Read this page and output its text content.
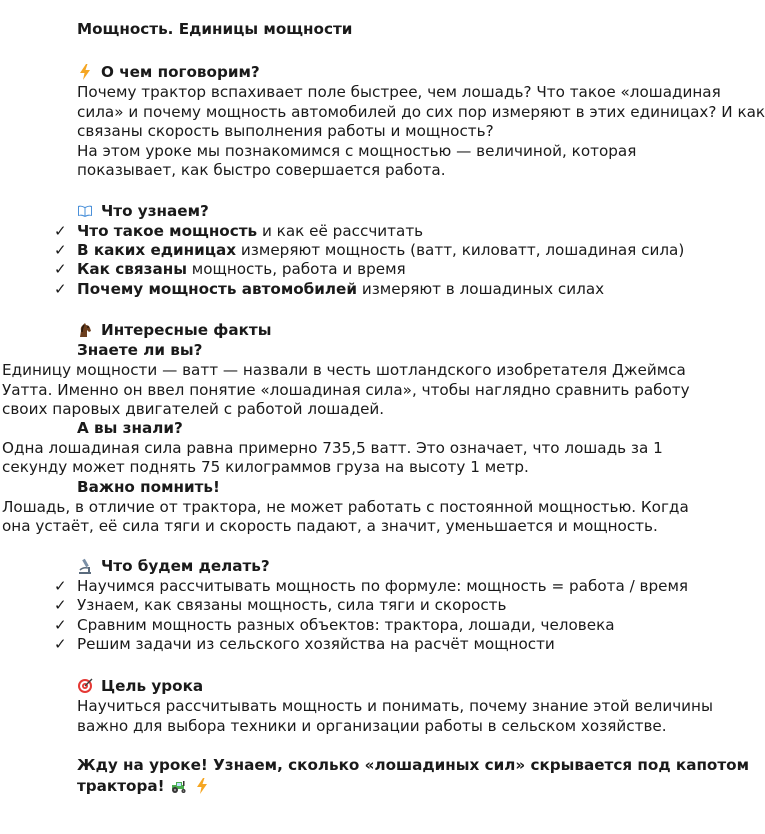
Мощность. Единицы мощности
О чем поговорим?
Почему трактор вспахивает поле быстрее, чем лошадь? Что такое «лошадиная
сила» и почему мощность автомобилей до сих пор измеряют в этих единицах? И как
связаны скорость выполнения работы и мощность?
На этом уроке мы познакомимся с мощностью — величиной, которая
показывает, как быстро совершается работа.
Что узнаем?
✓ Что такое мощность и как её рассчитать
✓ В каких единицах измеряют мощность (ватт, киловатт, лошадиная сила)
✓ Как связаны мощность, работа и время
✓ Почему мощность автомобилей измеряют в лошадиных силах
Интересные факты
Знаете ли вы?
Единицу мощности — ватт — назвали в честь шотландского изобретателя Джеймса
Уатта. Именно он ввел понятие «лошадиная сила», чтобы наглядно сравнить работу
своих паровых двигателей с работой лошадей.
А вы знали?
Одна лошадиная сила равна примерно 735,5 ватт. Это означает, что лошадь за 1
секунду может поднять 75 килограммов груза на высоту 1 метр.
Важно помнить!
Лошадь, в отличие от трактора, не может работать с постоянной мощностью. Когда
она устаёт, её сила тяги и скорость падают, а значит, уменьшается и мощность.
Что будем делать?
✓ Научимся рассчитывать мощность по формуле: мощность = работа / время
✓ Узнаем, как связаны мощность, сила тяги и скорость
✓ Сравним мощность разных объектов: трактора, лошади, человека
✓ Решим задачи из сельского хозяйства на расчёт мощности
Цель урока
Научиться рассчитывать мощность и понимать, почему знание этой величины
важно для выбора техники и организации работы в сельском хозяйстве.
Жду на уроке! Узнаем, сколько «лошадиных сил» скрывается под капотом
трактора!
